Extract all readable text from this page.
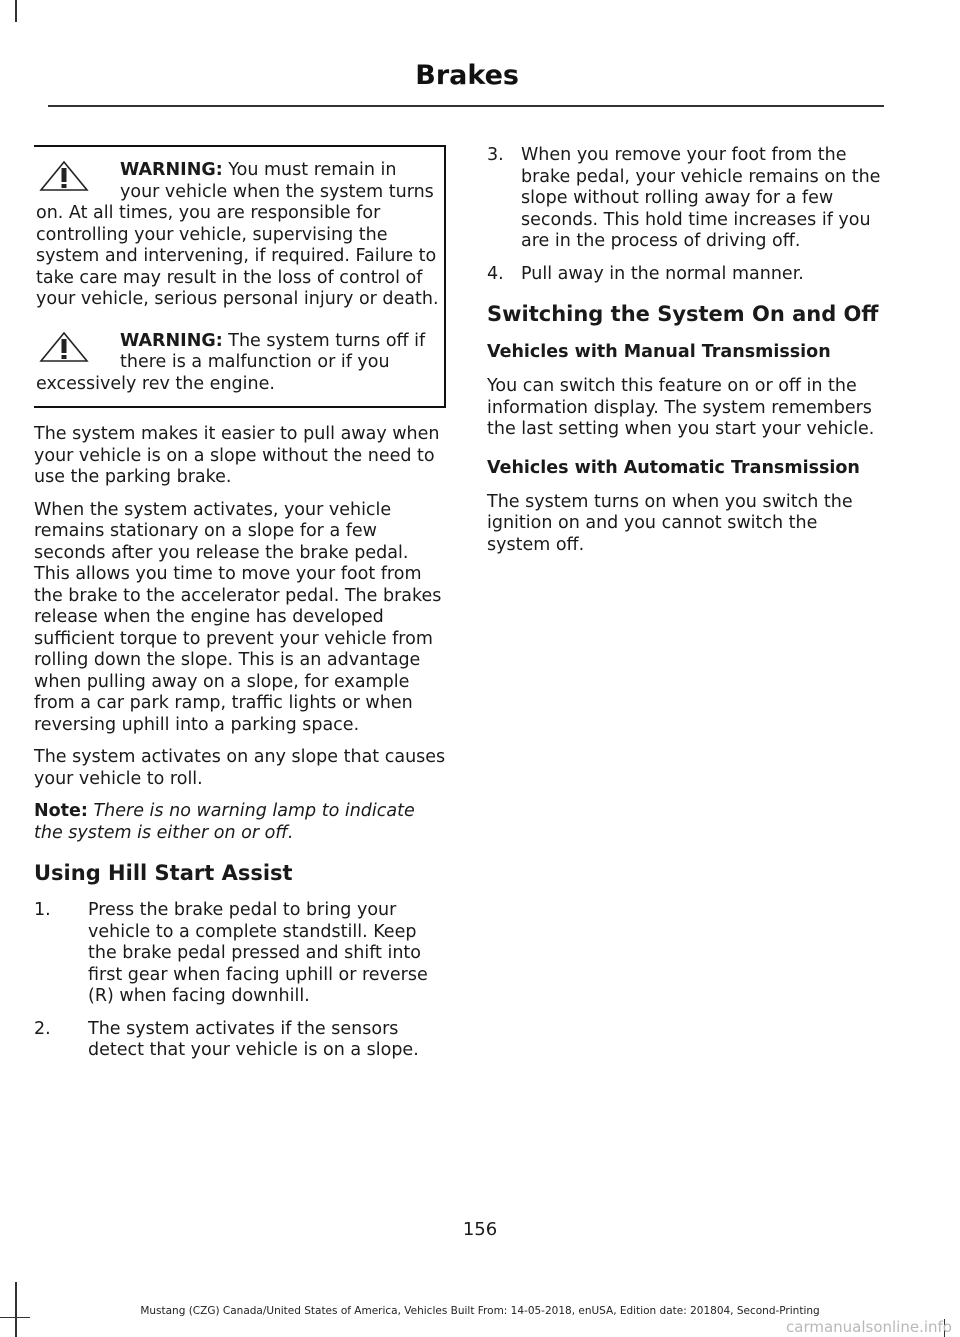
Brakes

WARNING: You must remain in your vehicle when the system turns on. At all times, you are responsible for controlling your vehicle, supervising the system and intervening, if required. Failure to take care may result in the loss of control of your vehicle, serious personal injury or death.

WARNING: The system turns off if there is a malfunction or if you excessively rev the engine.

The system makes it easier to pull away when your vehicle is on a slope without the need to use the parking brake.

When the system activates, your vehicle remains stationary on a slope for a few seconds after you release the brake pedal. This allows you time to move your foot from the brake to the accelerator pedal. The brakes release when the engine has developed sufficient torque to prevent your vehicle from rolling down the slope. This is an advantage when pulling away on a slope, for example from a car park ramp, traffic lights or when reversing uphill into a parking space.

The system activates on any slope that causes your vehicle to roll.

Note: There is no warning lamp to indicate the system is either on or off.

Using Hill Start Assist
1. Press the brake pedal to bring your vehicle to a complete standstill. Keep the brake pedal pressed and shift into first gear when facing uphill or reverse (R) when facing downhill.
2. The system activates if the sensors detect that your vehicle is on a slope.
3. When you remove your foot from the brake pedal, your vehicle remains on the slope without rolling away for a few seconds. This hold time increases if you are in the process of driving off.
4. Pull away in the normal manner.
Switching the System On and Off
Vehicles with Manual Transmission

You can switch this feature on or off in the information display. The system remembers the last setting when you start your vehicle.

Vehicles with Automatic Transmission

The system turns on when you switch the ignition on and you cannot switch the system off.

156
Mustang (CZG) Canada/United States of America, Vehicles Built From: 14-05-2018, enUSA, Edition date: 201804, Second-Printing
carmanualsonline.info
